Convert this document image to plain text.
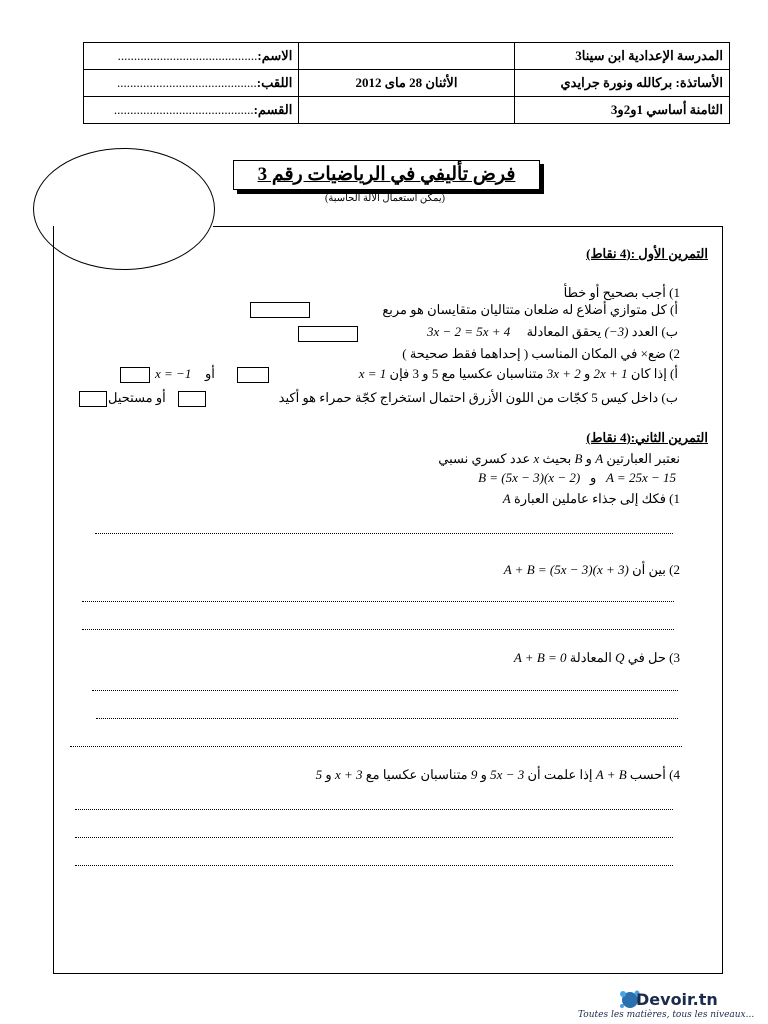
الاسم:...........................................		المدرسة الإعدادية ابن سينا3
اللقب:...........................................	الأثنان 28 ماى 2012	الأساتذة: بركالله ونورة جرايدي
القسم:...........................................		الثامنة أساسي 1و2و3
فرض تأليفي في الرياضيات رقم 3
(يمكن استعمال الآلة الحاسبة)
التمرين الأول :(4 نقاط)
1) أجب بصحيح أو خطأ
أ) كل متوازي أضلاع له ضلعان متتاليان متقايسان هو مربع
ب) العدد (−3) يحقق المعادلة     3x − 2 = 5x + 4
2) ضع× في المكان المناسب ( إحداهما فقط صحيحة )
أ) إذا كان 2x + 1 و 3x + 2 متناسبان عكسيا مع 5 و 3 فإن x = 1
أو
x = −1
ب) داخل كيس 5 كجّات من اللون الأزرق احتمال استخراج كجّة حمراء هو أكيد
أو مستحيل
التمرين الثاني:(4 نقاط)
نعتبر العبارتين A و B بحيث x عدد كسري نسبي
A = 25x − 15   و   B = (5x − 3)(x − 2)
1) فكك إلى جذاء عاملين العبارة A
2) بين أن A + B = (5x − 3)(x + 3)
3) حل في Q المعادلة A + B = 0
4) أحسب A + B إذا علمت أن 5x − 3 و 9 متناسبان عكسيا مع x + 3 و 5
Devoir.tn
Toutes les matières, tous les niveaux...
